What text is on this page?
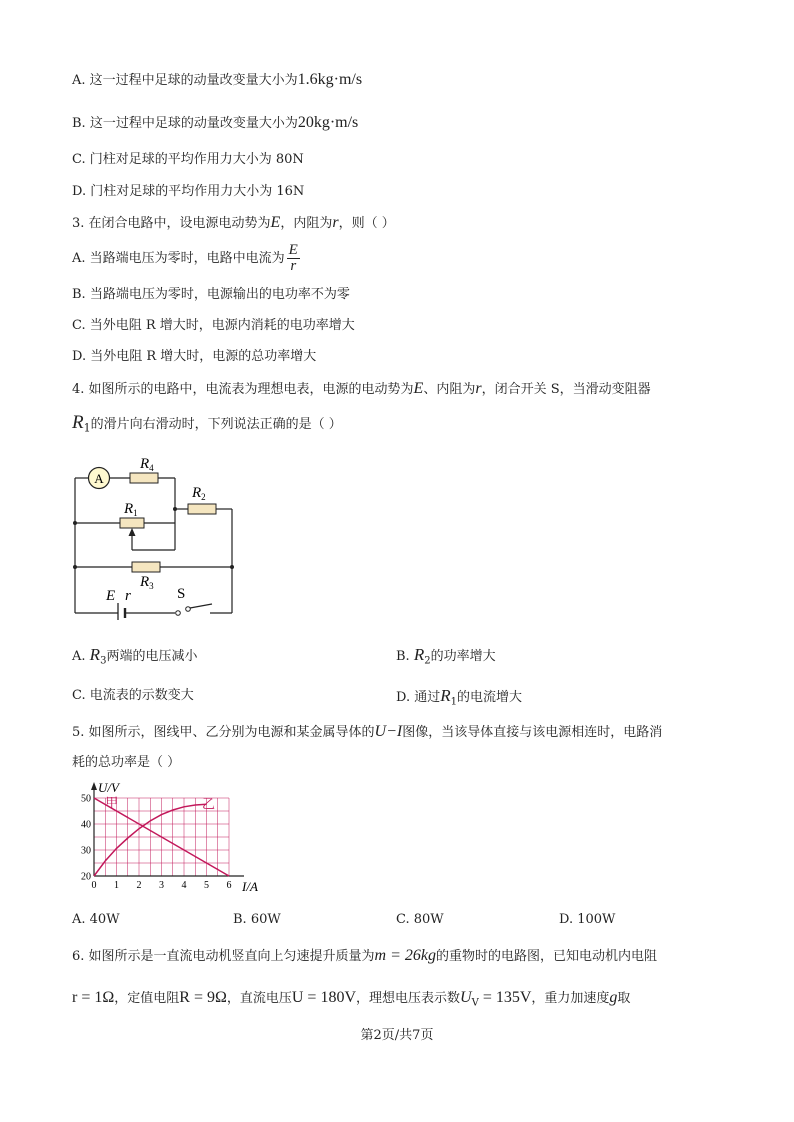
A. 这一过程中足球的动量改变量大小为1.6kg·m/s
B. 这一过程中足球的动量改变量大小为20kg·m/s
C. 门柱对足球的平均作用力大小为 80N
D. 门柱对足球的平均作用力大小为 16N
3. 在闭合电路中，设电源电动势为E，内阻为r，则（ ）
A. 当路端电压为零时，电路中电流为 $\frac{E}{r}$
B. 当路端电压为零时，电源输出的电功率不为零
C. 当外电阻 R 增大时，电源内消耗的电功率增大
D. 当外电阻 R 增大时，电源的总功率增大
4. 如图所示的电路中，电流表为理想电表，电源的电动势为E、内阻为r，闭合开关 S，当滑动变阻器
$R_1$的滑片向右滑动时，下列说法正确的是（ ）
A
$R_4$
$R_1$
$R_2$
$R_3$
E r	S
A. $R_3$两端的电压减小	B. $R_2$的功率增大
C. 电流表的示数变大	D. 通过$R_1$的电流增大
5. 如图所示，图线甲、乙分别为电源和某金属导体的U−I图像，当该导体直接与该电源相连时，电路消
耗的总功率是（ ）
甲	乙
20
30
40
50
0 1 2 3 4 5 6
U/V
I/A
A. 40W	B. 60W	C. 80W	D. 100W
6. 如图所示是一直流电动机竖直向上匀速提升质量为m = 26kg的重物时的电路图，已知电动机内电阻
r = 1Ω，定值电阻R = 9Ω，直流电压U = 180V，理想电压表示数$U_V = 135V$，重力加速度g取
第2页/共7页
